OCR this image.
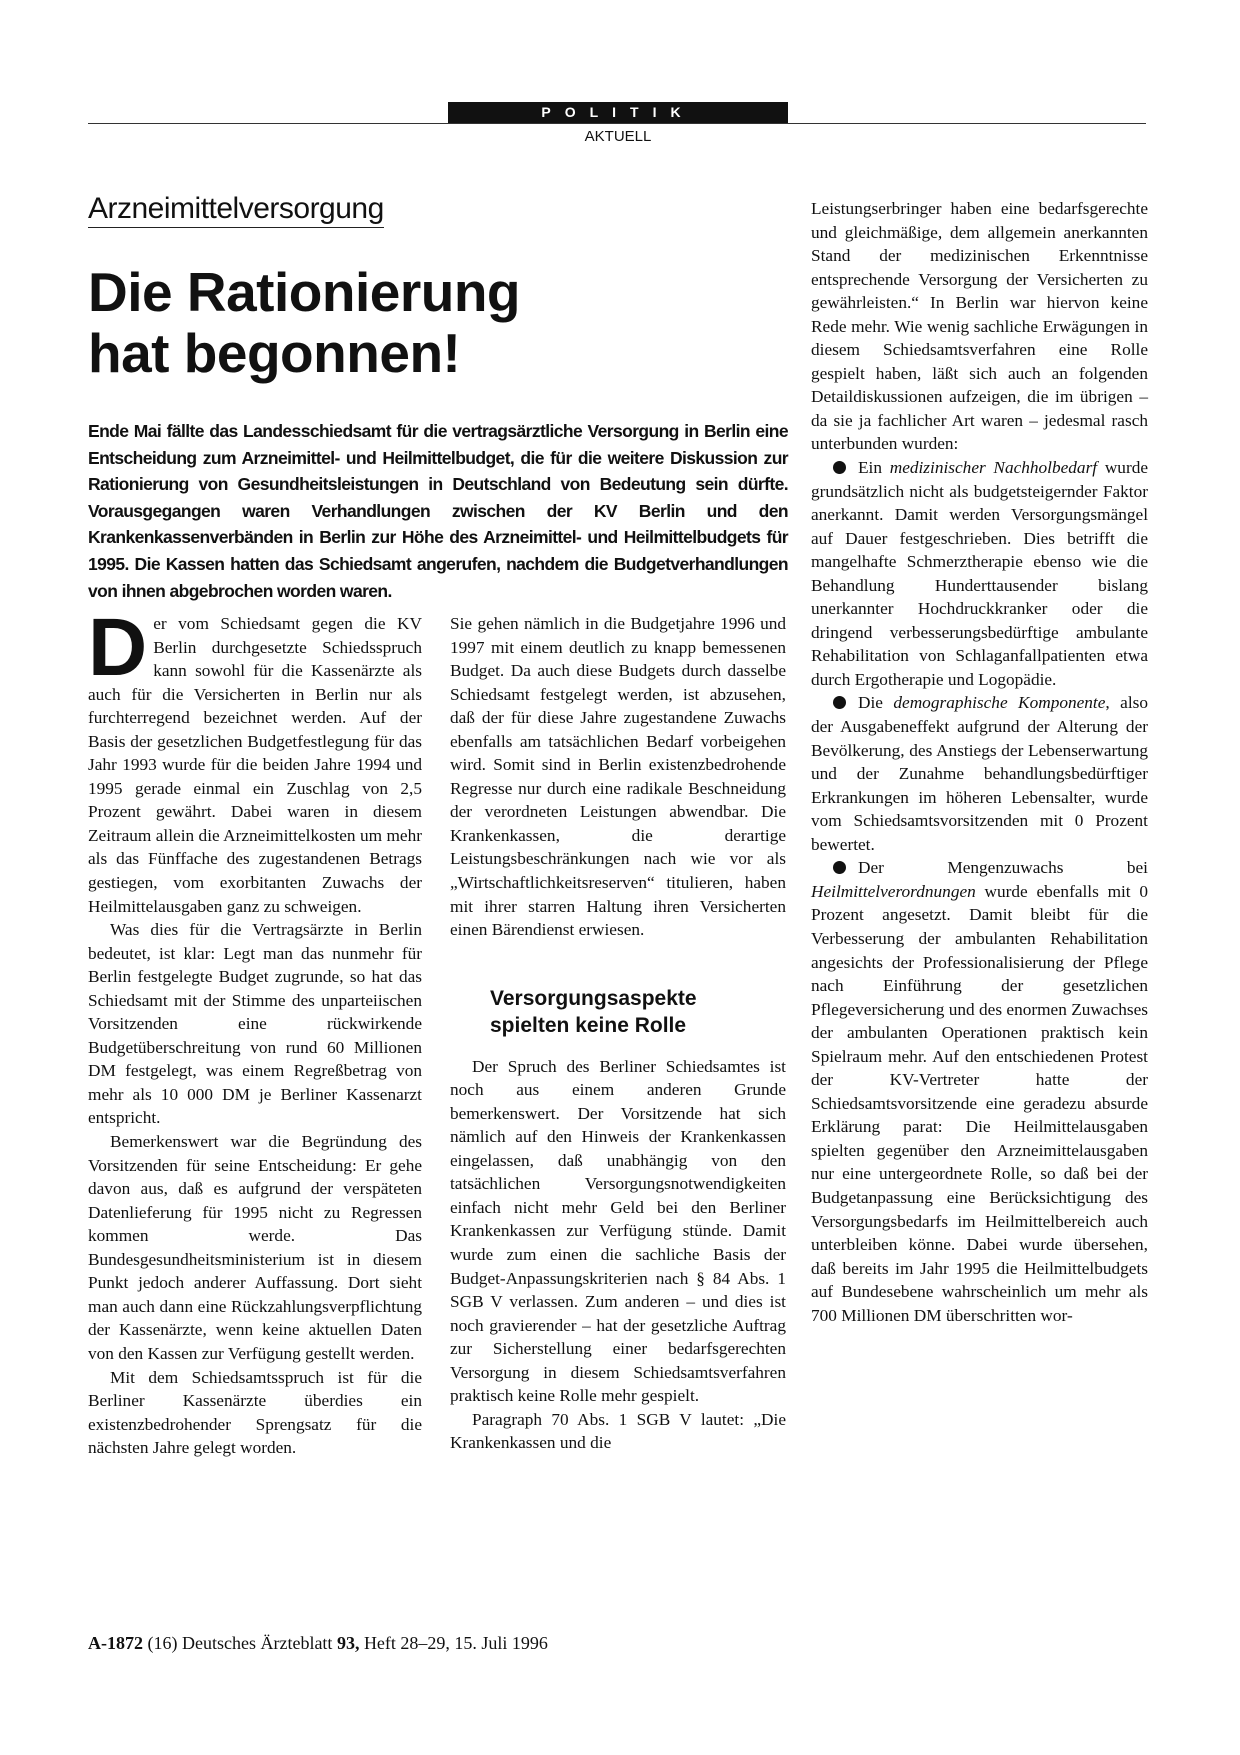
POLITIK
AKTUELL
Arzneimittelversorgung
Die Rationierung
hat begonnen!

Ende Mai fällte das Landesschiedsamt für die vertragsärztliche Versorgung in Berlin eine Entscheidung zum Arzneimittel- und Heilmittelbudget, die für die weitere Diskussion zur Rationierung von Gesundheitsleistungen in Deutschland von Bedeutung sein dürfte. Vorausgegangen waren Verhandlungen zwischen der KV Berlin und den Krankenkassenverbänden in Berlin zur Höhe des Arzneimittel- und Heilmittelbudgets für 1995. Die Kassen hatten das Schiedsamt angerufen, nachdem die Budgetverhandlungen von ihnen abgebrochen worden waren.

Der vom Schiedsamt gegen die KV Berlin durchgesetzte Schiedsspruch kann sowohl für die Kassenärzte als auch für die Versicherten in Berlin nur als furchterregend bezeichnet werden. Auf der Basis der gesetzlichen Budgetfestlegung für das Jahr 1993 wurde für die beiden Jahre 1994 und 1995 gerade einmal ein Zuschlag von 2,5 Prozent gewährt. Dabei waren in diesem Zeitraum allein die Arzneimittelkosten um mehr als das Fünffache des zugestandenen Betrags gestiegen, vom exorbitanten Zuwachs der Heilmittelausgaben ganz zu schweigen.

Was dies für die Vertragsärzte in Berlin bedeutet, ist klar: Legt man das nunmehr für Berlin festgelegte Budget zugrunde, so hat das Schiedsamt mit der Stimme des unparteiischen Vorsitzenden eine rückwirkende Budgetüberschreitung von rund 60 Millionen DM festgelegt, was einem Regreßbetrag von mehr als 10 000 DM je Berliner Kassenarzt entspricht.

Bemerkenswert war die Begründung des Vorsitzenden für seine Entscheidung: Er gehe davon aus, daß es aufgrund der verspäteten Datenlieferung für 1995 nicht zu Regressen kommen werde. Das Bundesgesundheitsministerium ist in diesem Punkt jedoch anderer Auffassung. Dort sieht man auch dann eine Rückzahlungsverpflichtung der Kassenärzte, wenn keine aktuellen Daten von den Kassen zur Verfügung gestellt werden.

Mit dem Schiedsamtsspruch ist für die Berliner Kassenärzte überdies ein existenzbedrohender Sprengsatz für die nächsten Jahre gelegt worden.

Sie gehen nämlich in die Budgetjahre 1996 und 1997 mit einem deutlich zu knapp bemessenen Budget. Da auch diese Budgets durch dasselbe Schiedsamt festgelegt werden, ist abzusehen, daß der für diese Jahre zugestandene Zuwachs ebenfalls am tatsächlichen Bedarf vorbeigehen wird. Somit sind in Berlin existenzbedrohende Regresse nur durch eine radikale Beschneidung der verordneten Leistungen abwendbar. Die Krankenkassen, die derartige Leistungsbeschränkungen nach wie vor als „Wirtschaftlichkeitsreserven“ titulieren, haben mit ihrer starren Haltung ihren Versicherten einen Bärendienst erwiesen.

Versorgungsaspekte
spielten keine Rolle

Der Spruch des Berliner Schiedsamtes ist noch aus einem anderen Grunde bemerkenswert. Der Vorsitzende hat sich nämlich auf den Hinweis der Krankenkassen eingelassen, daß unabhängig von den tatsächlichen Versorgungsnotwendigkeiten einfach nicht mehr Geld bei den Berliner Krankenkassen zur Verfügung stünde. Damit wurde zum einen die sachliche Basis der Budget-Anpassungskriterien nach § 84 Abs. 1 SGB V verlassen. Zum anderen – und dies ist noch gravierender – hat der gesetzliche Auftrag zur Sicherstellung einer bedarfsgerechten Versorgung in diesem Schiedsamtsverfahren praktisch keine Rolle mehr gespielt.

Paragraph 70 Abs. 1 SGB V lautet: „Die Krankenkassen und die

Leistungserbringer haben eine bedarfsgerechte und gleichmäßige, dem allgemein anerkannten Stand der medizinischen Erkenntnisse entsprechende Versorgung der Versicherten zu gewährleisten.“ In Berlin war hiervon keine Rede mehr. Wie wenig sachliche Erwägungen in diesem Schiedsamtsverfahren eine Rolle gespielt haben, läßt sich auch an folgenden Detaildiskussionen aufzeigen, die im übrigen – da sie ja fachlicher Art waren – jedesmal rasch unterbunden wurden:

Ein medizinischer Nachholbedarf wurde grundsätzlich nicht als budgetsteigernder Faktor anerkannt. Damit werden Versorgungsmängel auf Dauer festgeschrieben. Dies betrifft die mangelhafte Schmerztherapie ebenso wie die Behandlung Hunderttausender bislang unerkannter Hochdruckkranker oder die dringend verbesserungsbedürftige ambulante Rehabilitation von Schlaganfallpatienten etwa durch Ergotherapie und Logopädie.

Die demographische Komponente, also der Ausgabeneffekt aufgrund der Alterung der Bevölkerung, des Anstiegs der Lebenserwartung und der Zunahme behandlungsbedürftiger Erkrankungen im höheren Lebensalter, wurde vom Schiedsamtsvorsitzenden mit 0 Prozent bewertet.

Der Mengenzuwachs bei Heilmittelverordnungen wurde ebenfalls mit 0 Prozent angesetzt. Damit bleibt für die Verbesserung der ambulanten Rehabilitation angesichts der Professionalisierung der Pflege nach Einführung der gesetzlichen Pflegeversicherung und des enormen Zuwachses der ambulanten Operationen praktisch kein Spielraum mehr. Auf den entschiedenen Protest der KV-Vertreter hatte der Schiedsamtsvorsitzende eine geradezu absurde Erklärung parat: Die Heilmittelausgaben spielten gegenüber den Arzneimittelausgaben nur eine untergeordnete Rolle, so daß bei der Budgetanpassung eine Berücksichtigung des Versorgungsbedarfs im Heilmittelbereich auch unterbleiben könne. Dabei wurde übersehen, daß bereits im Jahr 1995 die Heilmittelbudgets auf Bundesebene wahrscheinlich um mehr als 700 Millionen DM überschritten wor-

A-1872 (16) Deutsches Ärzteblatt 93, Heft 28–29, 15. Juli 1996
